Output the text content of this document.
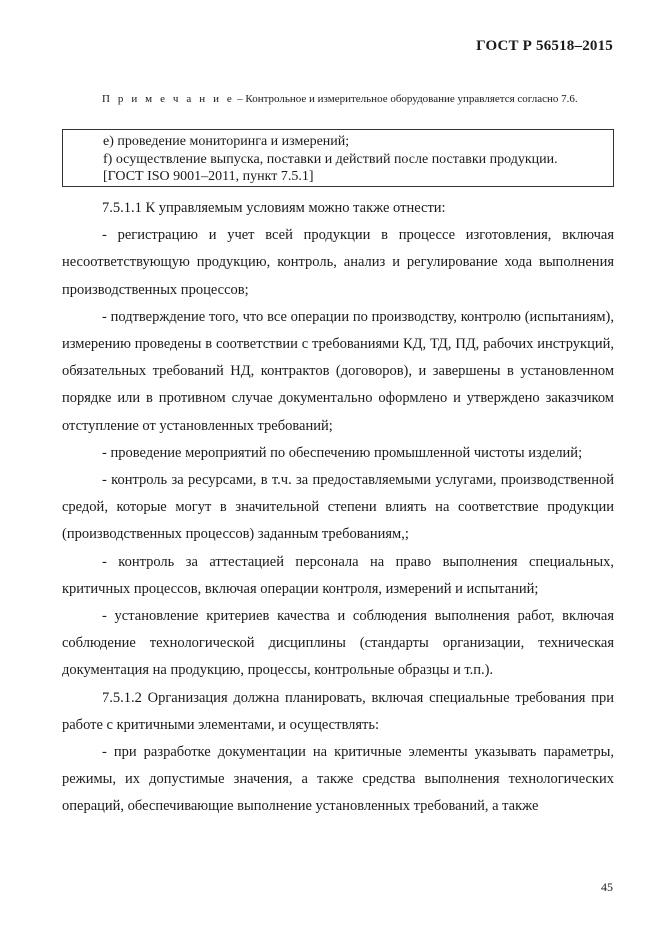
ГОСТ Р 56518–2015
П р и м е ч а н и е – Контрольное и измерительное оборудование управляется согласно 7.6.
e) проведение мониторинга и измерений;
f) осуществление выпуска, поставки и действий после поставки продукции.
[ГОСТ ISO 9001–2011, пункт 7.5.1]

7.5.1.1 К управляемым условиям можно также отнести:

- регистрацию и учет всей продукции в процессе изготовления, включая несоответствующую продукцию, контроль, анализ и регулирование хода выполнения производственных процессов;

- подтверждение того, что все операции по производству, контролю (испытаниям), измерению проведены в соответствии с требованиями КД, ТД, ПД, рабочих инструкций, обязательных требований НД, контрактов (договоров), и завершены в установленном порядке или в противном случае документально оформлено и утверждено заказчиком отступление от установленных требований;

- проведение мероприятий по обеспечению промышленной чистоты изделий;

- контроль за ресурсами, в т.ч. за предоставляемыми услугами, производственной средой, которые могут в значительной степени влиять на соответствие продукции (производственных процессов) заданным требованиям,;

- контроль за аттестацией персонала на право выполнения специальных, критичных процессов, включая операции контроля, измерений и испытаний;

- установление критериев качества и соблюдения выполнения работ, включая соблюдение технологической дисциплины (стандарты организации, техническая документация на продукцию, процессы, контрольные образцы и т.п.).

7.5.1.2 Организация должна планировать, включая специальные требования при работе с критичными элементами, и осуществлять:

- при разработке документации на критичные элементы указывать параметры, режимы, их допустимые значения, а также средства выполнения технологических операций, обеспечивающие выполнение установленных требований, а также

45
